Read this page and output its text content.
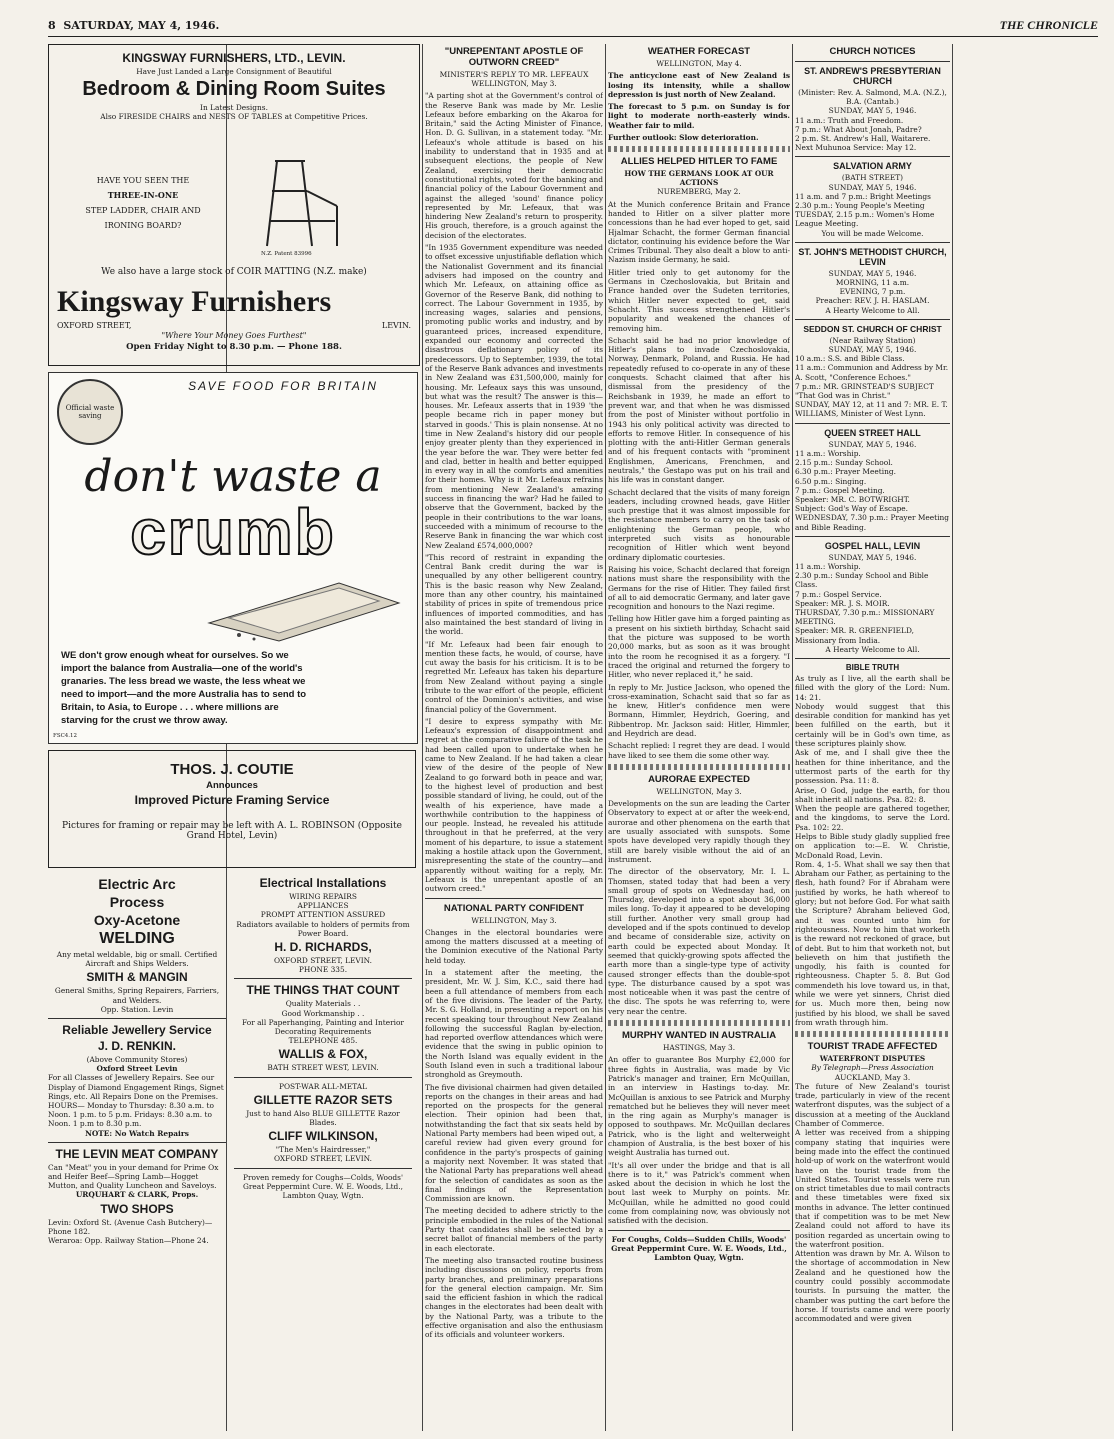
8 SATURDAY, MAY 4, 1946.	THE CHRONICLE
KINGSWAY FURNISHERS, LTD., LEVIN.
Have Just Landed a Large Consignment of Beautiful
Bedroom & Dining Room Suites
In Latest Designs.
Also FIRESIDE CHAIRS and NESTS OF TABLES at Competitive Prices.
HAVE YOU SEEN THE
THREE-IN-ONE
STEP LADDER, CHAIR AND
IRONING BOARD?
N.Z. Patent 83996
We also have a large stock of COIR MATTING (N.Z. make)
Kingsway Furnishers
OXFORD STREET,	LEVIN.
"Where Your Money Goes Furthest"
Open Friday Night to 8.30 p.m. — Phone 188.
SAVE FOOD FOR BRITAIN
Official waste saving
don't waste a
crumb
WE don't grow enough wheat for ourselves. So we import the balance from Australia—one of the world's granaries. The less bread we waste, the less wheat we need to import—and the more Australia has to send to Britain, to Asia, to Europe . . . where millions are starving for the crust we throw away.
FSC4.12
THOS. J. COUTIE
Announces
Improved Picture Framing Service
Pictures for framing or repair may be left with A. L. ROBINSON (Opposite Grand Hotel, Levin)
Electric Arc
Process
Oxy-Acetone
WELDING
Any metal weldable, big or small. Certified Aircraft and Ships Welders.
SMITH & MANGIN
General Smiths, Spring Repairers, Farriers, and Welders.
Opp. Station. Levin
Reliable Jewellery Service
J. D. RENKIN.
(Above Community Stores)
Oxford Street Levin
For all Classes of Jewellery Repairs. See our Display of Diamond Engagement Rings, Signet Rings, etc. All Repairs Done on the Premises.
HOURS— Monday to Thursday: 8.30 a.m. to Noon. 1 p.m. to 5 p.m. Fridays: 8.30 a.m. to Noon. 1 p.m to 8.30 p.m.
NOTE: No Watch Repairs
THE LEVIN MEAT COMPANY
Can "Meat" you in your demand for Prime Ox and Heifer Beef—Spring Lamb—Hogget Mutton, and Quality Luncheon and Saveloys.
URQUHART & CLARK, Props.
TWO SHOPS
Levin: Oxford St. (Avenue Cash Butchery)—Phone 182.
Weraroa: Opp. Railway Station—Phone 24.
Electrical Installations
WIRING REPAIRS
APPLIANCES
PROMPT ATTENTION ASSURED
Radiators available to holders of permits from Power Board.
H. D. RICHARDS,
OXFORD STREET, LEVIN.
PHONE 335.
THE THINGS THAT COUNT
Quality Materials . .
Good Workmanship . .
For all Paperhanging, Painting and Interior Decorating Requirements
TELEPHONE 485.
WALLIS & FOX,
BATH STREET WEST, LEVIN.
POST-WAR ALL-METAL
GILLETTE RAZOR SETS
Just to hand Also BLUE GILLETTE Razor Blades.
CLIFF WILKINSON,
"The Men's Hairdresser,"
OXFORD STREET, LEVIN.
Proven remedy for Coughs—Colds, Woods' Great Peppermint Cure. W. E. Woods, Ltd., Lambton Quay, Wgtn.
"UNREPENTANT APOSTLE OF OUTWORN CREED"
MINISTER'S REPLY TO MR. LEFEAUX

WELLINGTON, May 3.

"A parting shot at the Government's control of the Reserve Bank was made by Mr. Leslie Lefeaux before embarking on the Akaroa for Britain," said the Acting Minister of Finance, Hon. D. G. Sullivan, in a statement today. "Mr. Lefeaux's whole attitude is based on his inability to understand that in 1935 and at subsequent elections, the people of New Zealand, exercising their democratic constitutional rights, voted for the banking and financial policy of the Labour Government and against the alleged 'sound' finance policy represented by Mr. Lefeaux, that was hindering New Zealand's return to prosperity. His grouch, therefore, is a grouch against the decision of the electorates.

"In 1935 Government expenditure was needed to offset excessive unjustifiable deflation which the Nationalist Government and its financial advisers had imposed on the country and which Mr. Lefeaux, on attaining office as Governor of the Reserve Bank, did nothing to correct. The Labour Government in 1935, by increasing wages, salaries and pensions, promoting public works and industry, and by guaranteed prices, increased expenditure, expanded our economy and corrected the disastrous deflationary policy of its predecessors. Up to September, 1939, the total of the Reserve Bank advances and investments in New Zealand was £31,500,000, mainly for housing. Mr. Lefeaux says this was unsound, but what was the result? The answer is this—houses. Mr. Lefeaux asserts that in 1939 'the people became rich in paper money but starved in goods.' This is plain nonsense. At no time in New Zealand's history did our people enjoy greater plenty than they experienced in the year before the war. They were better fed and clad, better in health and better equipped in every way in all the comforts and amenities for their homes. Why is it Mr. Lefeaux refrains from mentioning New Zealand's amazing success in financing the war? Had he failed to observe that the Government, backed by the people in their contributions to the war loans, succeeded with a minimum of recourse to the Reserve Bank in financing the war which cost New Zealand £574,000,000?

"This record of restraint in expanding the Central Bank credit during the war is unequalled by any other belligerent country. This is the basic reason why New Zealand, more than any other country, his maintained stability of prices in spite of tremendous price influences of imported commodities, and has also maintained the best standard of living in the world.

"If Mr. Lefeaux had been fair enough to mention these facts, he would, of course, have cut away the basis for his criticism. It is to be regretted Mr. Lefeaux has taken his departure from New Zealand without paying a single tribute to the war effort of the people, efficient control of the Dominion's activities, and wise financial policy of the Government.

"I desire to express sympathy with Mr. Lefeaux's expression of disappointment and regret at the comparative failure of the task he had been called upon to undertake when he came to New Zealand. If he had taken a clear view of the desire of the people of New Zealand to go forward both in peace and war, to the highest level of production and best possible standard of living, he could, out of the wealth of his experience, have made a worthwhile contribution to the happiness of our people. Instead, he revealed his attitude throughout in that he preferred, at the very moment of his departure, to issue a statement making a hostile attack upon the Government, misrepresenting the state of the country—and apparently without waiting for a reply, Mr. Lefeaux is the unrepentant apostle of an outworn creed."

NATIONAL PARTY CONFIDENT

WELLINGTON, May 3.

Changes in the electoral boundaries were among the matters discussed at a meeting of the Dominion executive of the National Party held today.

In a statement after the meeting, the president, Mr. W. J. Sim, K.C., said there had been a full attendance of members from each of the five divisions. The leader of the Party, Mr. S. G. Holland, in presenting a report on his recent speaking tour throughout New Zealand following the successful Raglan by-election, had reported overflow attendances which were evidence that the swing in public opinion to the North Island was equally evident in the South Island even in such a traditional labour stronghold as Greymouth.

The five divisional chairmen had given detailed reports on the changes in their areas and had reported on the prospects for the general election. Their opinion had been that, notwithstanding the fact that six seats held by National Party members had been wiped out, a careful review had given every ground for confidence in the party's prospects of gaining a majority next November. It was stated that the National Party has preparations well ahead for the selection of candidates as soon as the final findings of the Representation Commission are known.

The meeting decided to adhere strictly to the principle embodied in the rules of the National Party that candidates shall be selected by a secret ballot of financial members of the party in each electorate.

The meeting also transacted routine business including discussions on policy, reports from party branches, and preliminary preparations for the general election campaign. Mr. Sim said the efficient fashion in which the radical changes in the electorates had been dealt with by the National Party, was a tribute to the effective organisation and also the enthusiasm of its officials and volunteer workers.

WEATHER FORECAST

WELLINGTON, May 4.

The anticyclone east of New Zealand is losing its intensity, while a shallow depression is just north of New Zealand.

The forecast to 5 p.m. on Sunday is for light to moderate north-easterly winds. Weather fair to mild.

Further outlook: Slow deterioration.

ALLIES HELPED HITLER TO FAME
HOW THE GERMANS LOOK AT OUR ACTIONS

NUREMBERG, May 2.

At the Munich conference Britain and France handed to Hitler on a silver platter more concessions than he had ever hoped to get, said Hjalmar Schacht, the former German financial dictator, continuing his evidence before the War Crimes Tribunal. They also dealt a blow to anti-Nazism inside Germany, he said.

Hitler tried only to get autonomy for the Germans in Czechoslovakia, but Britain and France handed over the Sudeten territories, which Hitler never expected to get, said Schacht. This success strengthened Hitler's popularity and weakened the chances of removing him.

Schacht said he had no prior knowledge of Hitler's plans to invade Czechoslovakia, Norway, Denmark, Poland, and Russia. He had repeatedly refused to co-operate in any of these conquests. Schacht claimed that after his dismissal from the presidency of the Reichsbank in 1939, he made an effort to prevent war, and that when he was dismissed from the post of Minister without portfolio in 1943 his only political activity was directed to efforts to remove Hitler. In consequence of his plotting with the anti-Hitler German generals and of his frequent contacts with "prominent Englishmen, Americans, Frenchmen, and neutrals," the Gestapo was put on his trail and his life was in constant danger.

Schacht declared that the visits of many foreign leaders, including crowned heads, gave Hitler such prestige that it was almost impossible for the resistance members to carry on the task of enlightening the German people, who interpreted such visits as honourable recognition of Hitler which went beyond ordinary diplomatic courtesies.

Raising his voice, Schacht declared that foreign nations must share the responsibility with the Germans for the rise of Hitler. They failed first of all to aid democratic Germany, and later gave recognition and honours to the Nazi regime.

Telling how Hitler gave him a forged painting as a present on his sixtieth birthday, Schacht said that the picture was supposed to be worth 20,000 marks, but as soon as it was brought into the room he recognised it as a forgery. "I traced the original and returned the forgery to Hitler, who never replaced it," he said.

In reply to Mr. Justice Jackson, who opened the cross-examination, Schacht said that so far as he knew, Hitler's confidence men were Bormann, Himmler, Heydrich, Goering, and Ribbentrop. Mr. Jackson said: Hitler, Himmler, and Heydrich are dead.

Schacht replied: I regret they are dead. I would have liked to see them die some other way.

AURORAE EXPECTED

WELLINGTON, May 3.

Developments on the sun are leading the Carter Observatory to expect at or after the week-end, aurorae and other phenomena on the earth that are usually associated with sunspots. Some spots have developed very rapidly though they still are barely visible without the aid of an instrument.

The director of the observatory, Mr. I. L. Thomsen, stated today that had been a very small group of spots on Wednesday had, on Thursday, developed into a spot about 36,000 miles long. To-day it appeared to be developing still further. Another very small group had developed and if the spots continued to develop and became of considerable size, activity on earth could be expected about Monday. It seemed that quickly-growing spots affected the earth more than a single-type type of activity caused stronger effects than the double-spot type. The disturbance caused by a spot was most noticeable when it was past the centre of the disc. The spots he was referring to, were very near the centre.

MURPHY WANTED IN AUSTRALIA

HASTINGS, May 3.

An offer to guarantee Bos Murphy £2,000 for three fights in Australia, was made by Vic Patrick's manager and trainer, Ern McQuillan, in an interview in Hastings to-day. Mr. McQuillan is anxious to see Patrick and Murphy rematched but he believes they will never meet in the ring again as Murphy's manager is opposed to southpaws. Mr. McQuillan declares Patrick, who is the light and welterweight champion of Australia, is the best boxer of his weight Australia has turned out.

"It's all over under the bridge and that is all there is to it," was Patrick's comment when asked about the decision in which he lost the bout last week to Murphy on points. Mr. McQuillan, while he admitted no good could come from complaining now, was obviously not satisfied with the decision.

For Coughs, Colds—Sudden Chills, Woods' Great Peppermint Cure. W. E. Woods, Ltd., Lambton Quay, Wgtn.
CHURCH NOTICES
ST. ANDREW'S PRESBYTERIAN CHURCH

(Minister: Rev. A. Salmond, M.A. (N.Z.), B.A. (Cantab.)

SUNDAY, MAY 5, 1946.

11 a.m.: Truth and Freedom.

7 p.m.: What About Jonah, Padre?

2 p.m. St. Andrew's Hall, Waitarere.

Next Muhunoa Service: May 12.

SALVATION ARMY

(BATH STREET)

SUNDAY, MAY 5, 1946.

11 a.m. and 7 p.m.: Bright Meetings

2.30 p.m.: Young People's Meeting

TUESDAY, 2.15 p.m.: Women's Home League Meeting.

You will be made Welcome.

ST. JOHN'S METHODIST CHURCH, LEVIN

SUNDAY, MAY 5, 1946.

MORNING, 11 a.m.

EVENING, 7 p.m.

Preacher: REV. J. H. HASLAM.

A Hearty Welcome to All.

SEDDON ST. CHURCH OF CHRIST

(Near Railway Station)

SUNDAY, MAY 5, 1946.

10 a.m.: S.S. and Bible Class.

11 a.m.: Communion and Address by Mr. A. Scott, "Conference Echoes."

7 p.m.: MR. GRINSTEAD'S SUBJECT "That God was in Christ."

SUNDAY, MAY 12, at 11 and 7: MR. E. T. WILLIAMS, Minister of West Lynn.

QUEEN STREET HALL

SUNDAY, MAY 5, 1946.

11 a.m.: Worship.

2.15 p.m.: Sunday School.

6.30 p.m.: Prayer Meeting.

6.50 p.m.: Singing.

7 p.m.: Gospel Meeting.

Speaker: MR. C. BOTWRIGHT.

Subject: God's Way of Escape.

WEDNESDAY, 7.30 p.m.: Prayer Meeting and Bible Reading.

GOSPEL HALL, LEVIN

SUNDAY, MAY 5, 1946.

11 a.m.: Worship.

2.30 p.m.: Sunday School and Bible Class.

7 p.m.: Gospel Service.

Speaker: MR. J. S. MOIR.

THURSDAY, 7.30 p.m.: MISSIONARY MEETING.

Speaker: MR. R. GREENFIELD, Missionary from India.

A Hearty Welcome to All.

BIBLE TRUTH

As truly as I live, all the earth shall be filled with the glory of the Lord: Num. 14: 21.

Nobody would suggest that this desirable condition for mankind has yet been fulfilled on the earth, but it certainly will be in God's own time, as these scriptures plainly show.

Ask of me, and I shall give thee the heathen for thine inheritance, and the uttermost parts of the earth for thy possession. Psa. 11: 8.

Arise, O God, judge the earth, for thou shalt inherit all nations. Psa. 82: 8.

When the people are gathered together, and the kingdoms, to serve the Lord. Psa. 102: 22.

Helps to Bible study gladly supplied free on application to:—E. W. Christie, McDonald Road, Levin.

Rom. 4, 1-5. What shall we say then that Abraham our Father, as pertaining to the flesh, hath found? For if Abraham were justified by works, he hath whereof to glory; but not before God. For what saith the Scripture? Abraham believed God, and it was counted unto him for righteousness. Now to him that worketh is the reward not reckoned of grace, but of debt. But to him that worketh not, but believeth on him that justifieth the ungodly, his faith is counted for righteousness. Chapter 5. 8. But God commendeth his love toward us, in that, while we were yet sinners, Christ died for us. Much more then, being now justified by his blood, we shall be saved from wrath through him.

TOURIST TRADE AFFECTED
WATERFRONT DISPUTES

By Telegraph—Press Association

AUCKLAND, May 3.

The future of New Zealand's tourist trade, particularly in view of the recent waterfront disputes, was the subject of a discussion at a meeting of the Auckland Chamber of Commerce.

A letter was received from a shipping company stating that inquiries were being made into the effect the continued hold-up of work on the waterfront would have on the tourist trade from the United States. Tourist vessels were run on strict timetables due to mail contracts and these timetables were fixed six months in advance. The letter continued that if competition was to be met New Zealand could not afford to have its position regarded as uncertain owing to the waterfront position.

Attention was drawn by Mr. A. Wilson to the shortage of accommodation in New Zealand and he questioned how the country could possibly accommodate tourists. In pursuing the matter, the chamber was putting the cart before the horse. If tourists came and were poorly accommodated and were given
